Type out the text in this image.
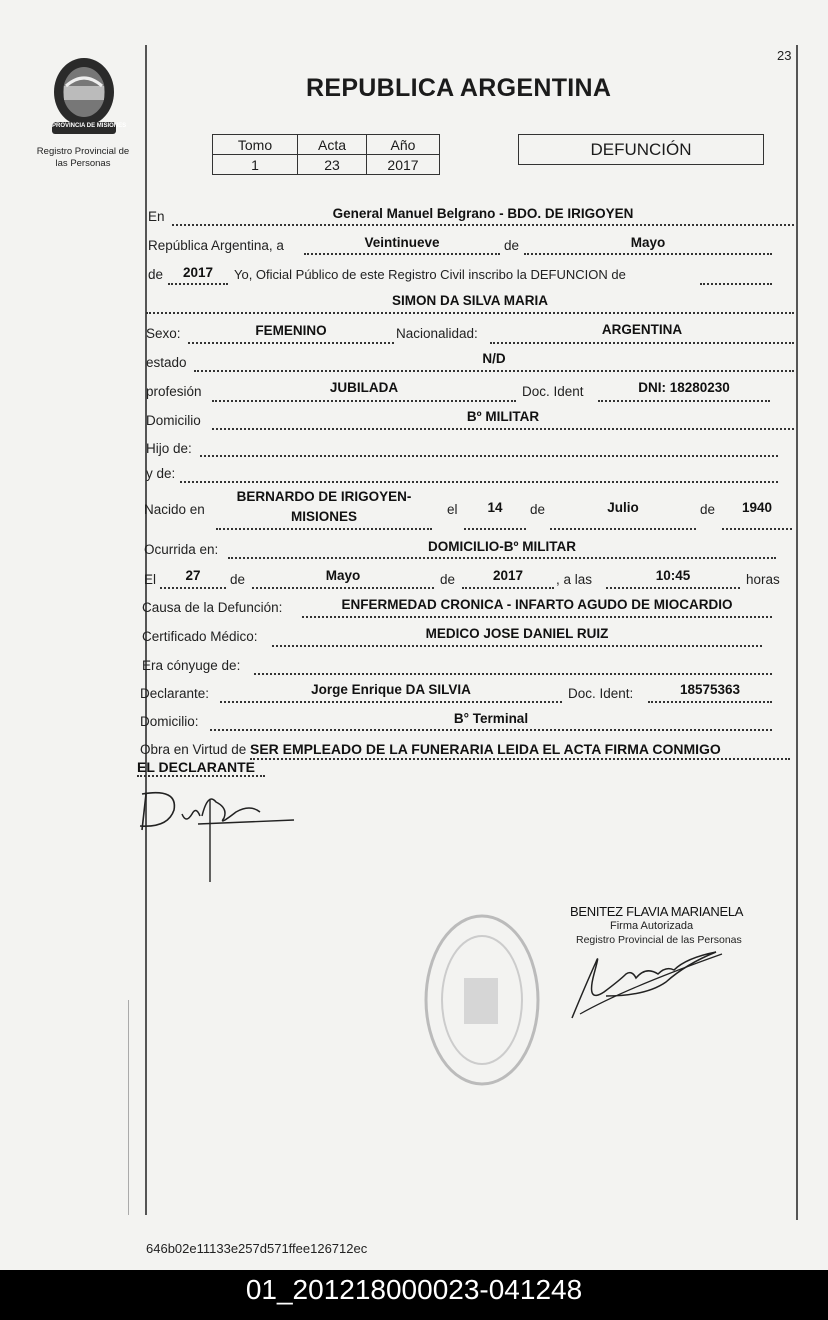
23
PROVINCIA DE MISIONES
Registro Provincial de
las Personas
REPUBLICA ARGENTINA
Tomo	Acta	Año
1	23	2017
DEFUNCIÓN
En	General Manuel Belgrano - BDO. DE IRIGOYEN
República Argentina, a	Veintinueve	de	Mayo
de	2017	Yo, Oficial Público de este Registro Civil inscribo la DEFUNCION de
SIMON DA SILVA MARIA
Sexo:	FEMENINO	Nacionalidad:	ARGENTINA
estado	N/D
profesión	JUBILADA	Doc. Ident	DNI: 18280230
Domicilio	Bº MILITAR
Hijo de:
y de:
Nacido en
BERNARDO DE IRIGOYEN-
MISIONES	el	14	de	Julio	de	1940
Ocurrida en:	DOMICILIO-Bº MILITAR
El	27	de	Mayo	de	2017	, a las	10:45	horas
Causa de la Defunción:	ENFERMEDAD CRONICA - INFARTO AGUDO DE MIOCARDIO
Certificado Médico:	MEDICO JOSE DANIEL RUIZ
Era cónyuge de:
Declarante:	Jorge Enrique DA SILVIA	Doc. Ident:	18575363
Domicilio:	B° Terminal
Obra en Virtud de SER EMPLEADO DE LA FUNERARIA LEIDA EL ACTA FIRMA CONMIGO
EL DECLARANTE
BENITEZ FLAVIA MARIANELA
Firma Autorizada
Registro Provincial de las Personas
646b02e11133e257d571ffee126712ec
01_201218000023-041248
